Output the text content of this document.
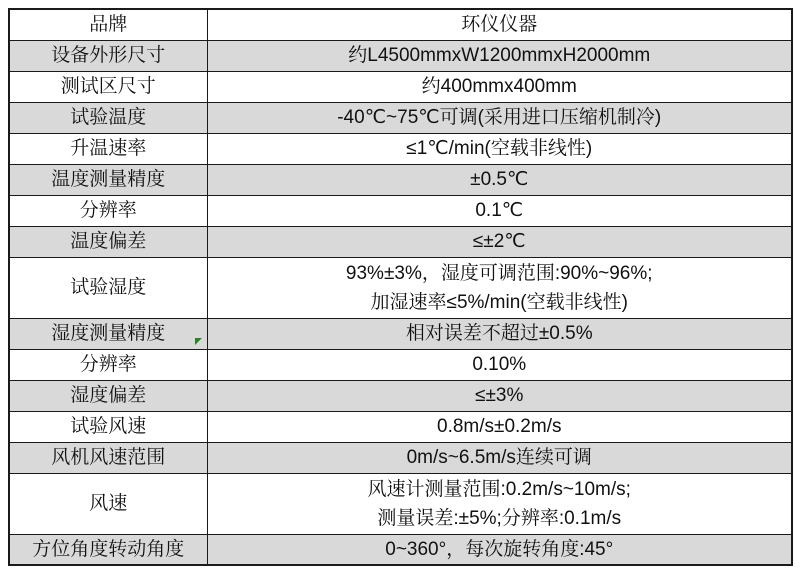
品牌	环仪仪器

设备外形尺寸	约L4500mmxW1200mmxH2000mm

测试区尺寸	约400mmx400mm

试验温度	-40℃~75℃可调(采用进口压缩机制冷)

升温速率	≤1℃/min(空载非线性)

温度测量精度	±0.5℃

分辨率	0.1℃

温度偏差	≤±2℃

试验湿度	93%±3%，湿度可调范围:90%~96%;
加湿速率≤5%/min(空载非线性)

湿度测量精度	相对误差不超过±0.5%

分辨率	0.10%

湿度偏差	≤±3%

试验风速	0.8m/s±0.2m/s

风机风速范围	0m/s~6.5m/s连续可调

风速	风速计测量范围:0.2m/s~10m/s;
测量误差:±5%;分辨率:0.1m/s

方位角度转动角度	0~360°，每次旋转角度:45°
